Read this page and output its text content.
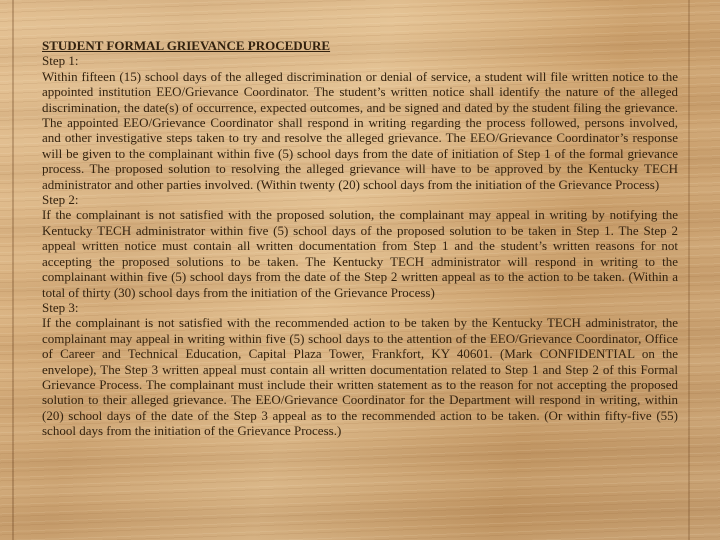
STUDENT FORMAL GRIEVANCE PROCEDURE

Step 1:

Within fifteen (15) school days of the alleged discrimination or denial of service, a student will file written notice to the appointed institution EEO/Grievance Coordinator. The student’s written notice shall identify the nature of the alleged discrimination, the date(s) of occurrence, expected outcomes, and be signed and dated by the student filing the grievance. The appointed EEO/Grievance Coordinator shall respond in writing regarding the process followed, persons involved, and other investigative steps taken to try and resolve the alleged grievance. The EEO/Grievance Coordinator’s response will be given to the complainant within five (5) school days from the date of initiation of Step 1 of the formal grievance process. The proposed solution to resolving the alleged grievance will have to be approved by the Kentucky TECH administrator and other parties involved. (Within twenty (20) school days from the initiation of the Grievance Process)

Step 2:

If the complainant is not satisfied with the proposed solution, the complainant may appeal in writing by notifying the Kentucky TECH administrator within five (5) school days of the proposed solution to be taken in Step 1. The Step 2 appeal written notice must contain all written documentation from Step 1 and the student’s written reasons for not accepting the proposed solutions to be taken. The Kentucky TECH administrator will respond in writing to the complainant within five (5) school days from the date of the Step 2 written appeal as to the action to be taken. (Within a total of thirty (30) school days from the initiation of the Grievance Process)

Step 3:

If the complainant is not satisfied with the recommended action to be taken by the Kentucky TECH administrator, the complainant may appeal in writing within five (5) school days to the attention of the EEO/Grievance Coordinator, Office of Career and Technical Education, Capital Plaza Tower, Frankfort, KY 40601. (Mark CONFIDENTIAL on the envelope), The Step 3 written appeal must contain all written documentation related to Step 1 and Step 2 of this Formal Grievance Process. The complainant must include their written statement as to the reason for not accepting the proposed solution to their alleged grievance. The EEO/Grievance Coordinator for the Department will respond in writing, within (20) school days of the date of the Step 3 appeal as to the recommended action to be taken. (Or within fifty-five (55) school days from the initiation of the Grievance Process.)
